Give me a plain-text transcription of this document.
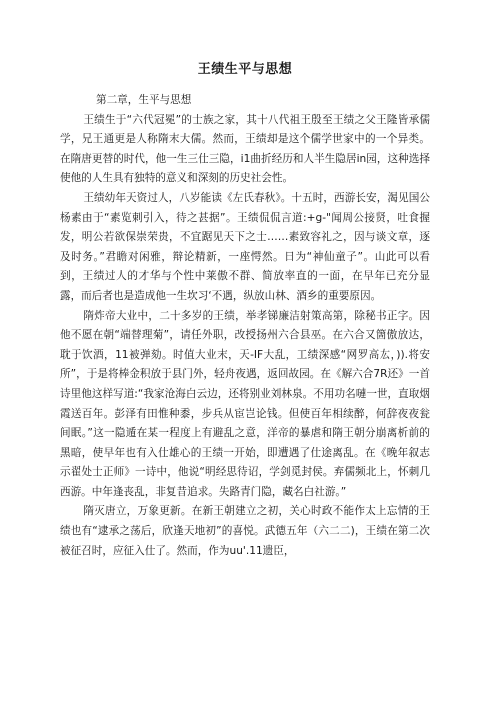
王绩生平与思想
第二章，生平与思想

王绩生于“六代冠冕”的士族之家，其十八代祖王殷至王绩之父王隆皆承儒学，兄王通更是人称隋末大儒。然而，王绩却是这个儒学世家中的一个异类。在隋唐更替的时代，他一生三仕三隐，i1曲折经历和人半生隐居in园，这种选择使他的人生具有独特的意义和深刻的历史社会性。

王绩幼年天资过人，八岁能读《左氏春秋》。十五时，西游长安，渴见国公杨素由于“素览刺引入，待之甚据”。王绩侃侃言道:+g-"闻周公接贤，吐食握发，明公若欲保崇荣贵，不宜踞见天下之士……素致容礼之，因与谈文章，逐及时务。”君瞻对闲雅，辩论精新，一座愕然。日为“神仙童子”。山此可以看到，王绩过人的才华与个性中莱傲不群、简放率直的一面，在早年已充分显露，而后者也是造成他一生坎习‘不遇，纵放山林、酒乡的重要原因。

隋炸帝大业中，二十多岁的王绩，举孝锑廉洁射策高第，除秘书正字。因他不愿在朝“端替理菊”，请任外职，改授扬州六合县巫。在六合又箇傲放达，耽于饮酒，11被弹劾。时值大业末，天-IF大乱，工绩深感“网罗高厷，)).将安所”，于是将棒金积放于县门外，轻舟夜遇，返回故园。在《解六合7R还》一首诗里他这样写道:“我家沧海白云边，还将别业刘林泉。不用功名嗹一世，直取烟霞送百年。彭泽有田惟种黍，步兵从宦岂论钱。但使百年相续醉，何辞夜夜瓮间眠。”这一隐遁在某一程度上有避乱之意，洋帝的暴虐和隋王朝分崩离析前的黑暗，使早年也有入仕雄心的王绩一开始，即遭遇了仕途离乱。在《晚年叙志示翟处士正师》一诗中，他说“明经思待诏，学剑觅封侯。弃儒频北上，怀刺几西游。中年逢丧乱，非复昔追求。失路青门隐，藏名白社游。”

隋灭唐立，万象更新。在新王朝建立之初，关心时政不能作太上忘情的王绩也有“逮承之荡后，欣逢天地初”的喜悦。武德五年（六二二)，王绩在第二次被征召时，应征入仕了。然而，作为uu'.11遗臣，
